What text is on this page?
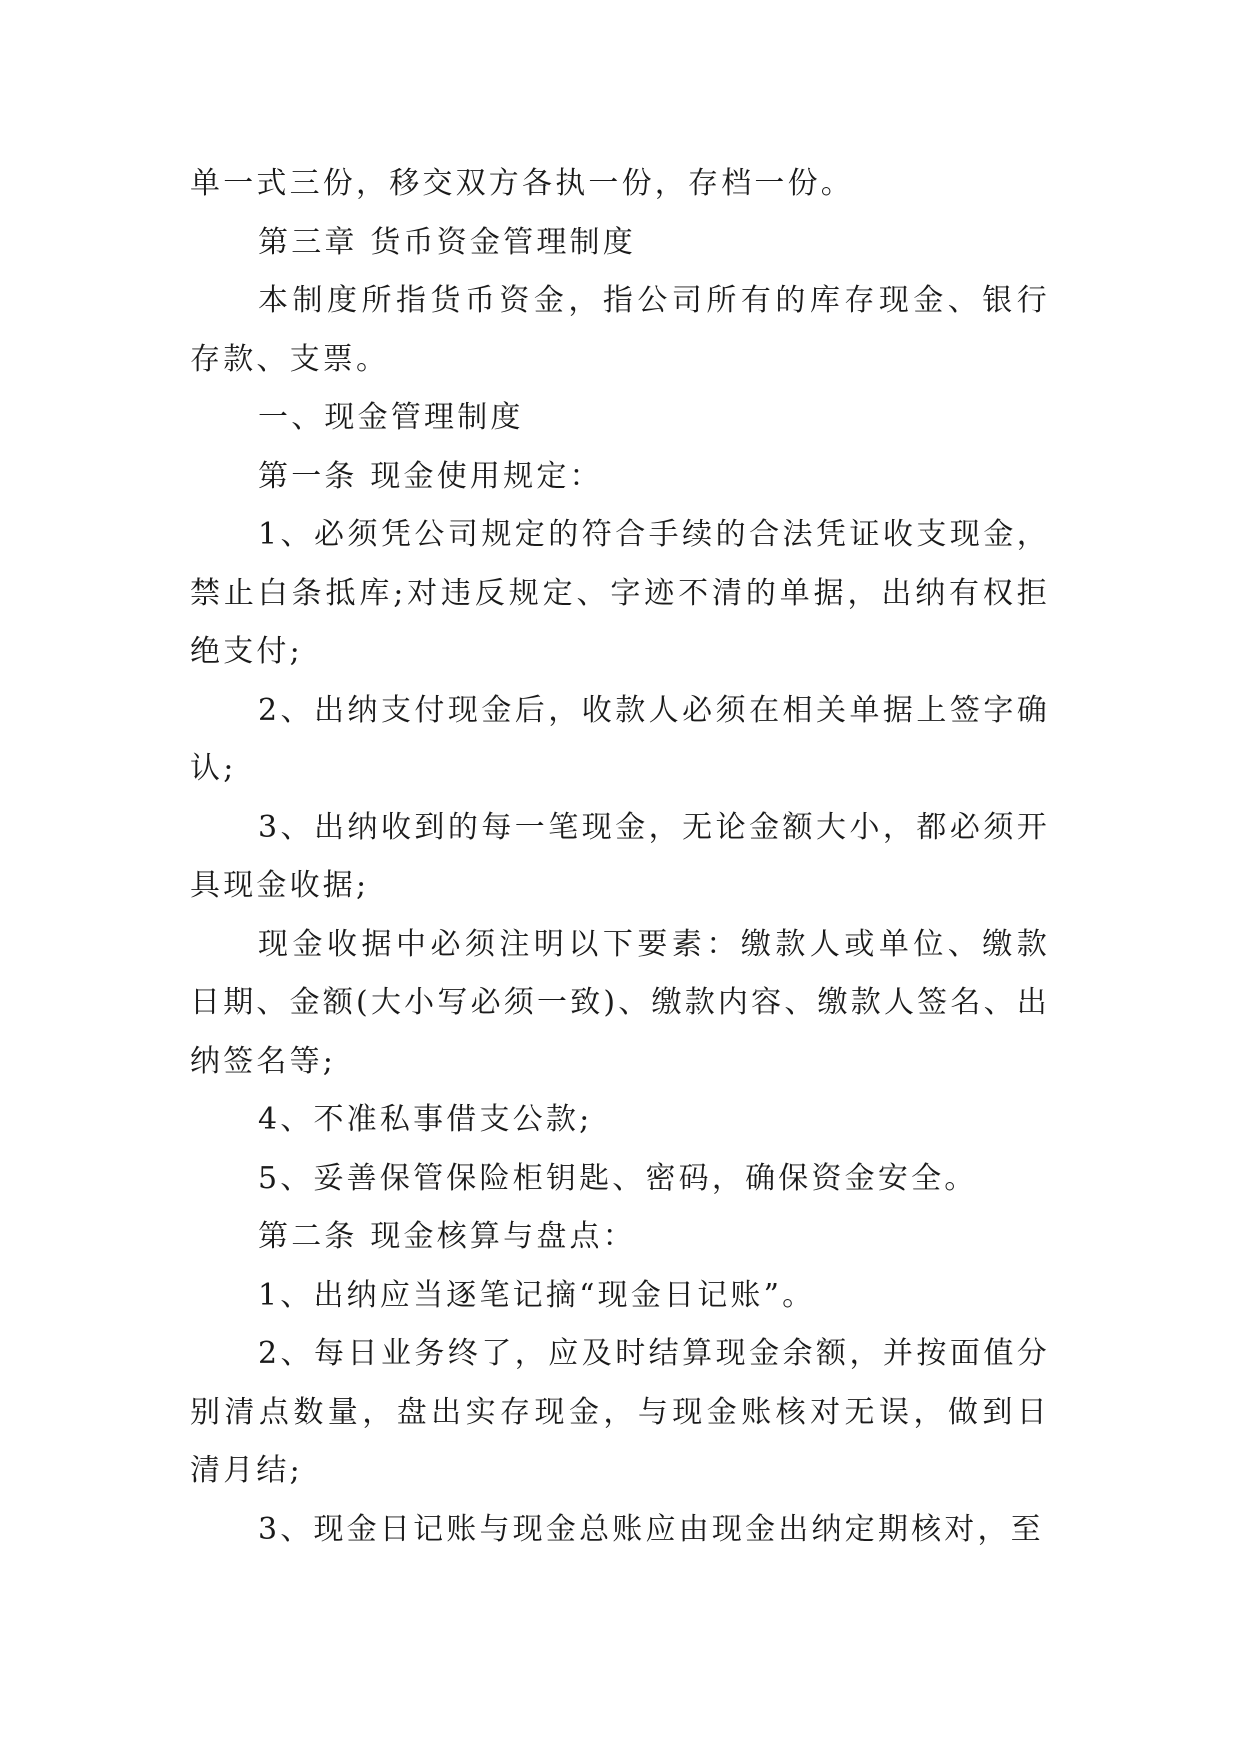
单一式三份，移交双方各执一份，存档一份。

第三章 货币资金管理制度

本制度所指货币资金，指公司所有的库存现金、银行存款、支票。

一、现金管理制度

第一条 现金使用规定：

1、必须凭公司规定的符合手续的合法凭证收支现金，禁止白条抵库;对违反规定、字迹不清的单据，出纳有权拒绝支付;

2、出纳支付现金后，收款人必须在相关单据上签字确认;

3、出纳收到的每一笔现金，无论金额大小，都必须开具现金收据;

现金收据中必须注明以下要素：缴款人或单位、缴款日期、金额(大小写必须一致)、缴款内容、缴款人签名、出纳签名等;

4、不准私事借支公款;

5、妥善保管保险柜钥匙、密码，确保资金安全。

第二条 现金核算与盘点：

1、出纳应当逐笔记摘“现金日记账”。

2、每日业务终了，应及时结算现金余额，并按面值分别清点数量，盘出实存现金，与现金账核对无误，做到日清月结;

3、现金日记账与现金总账应由现金出纳定期核对，至
